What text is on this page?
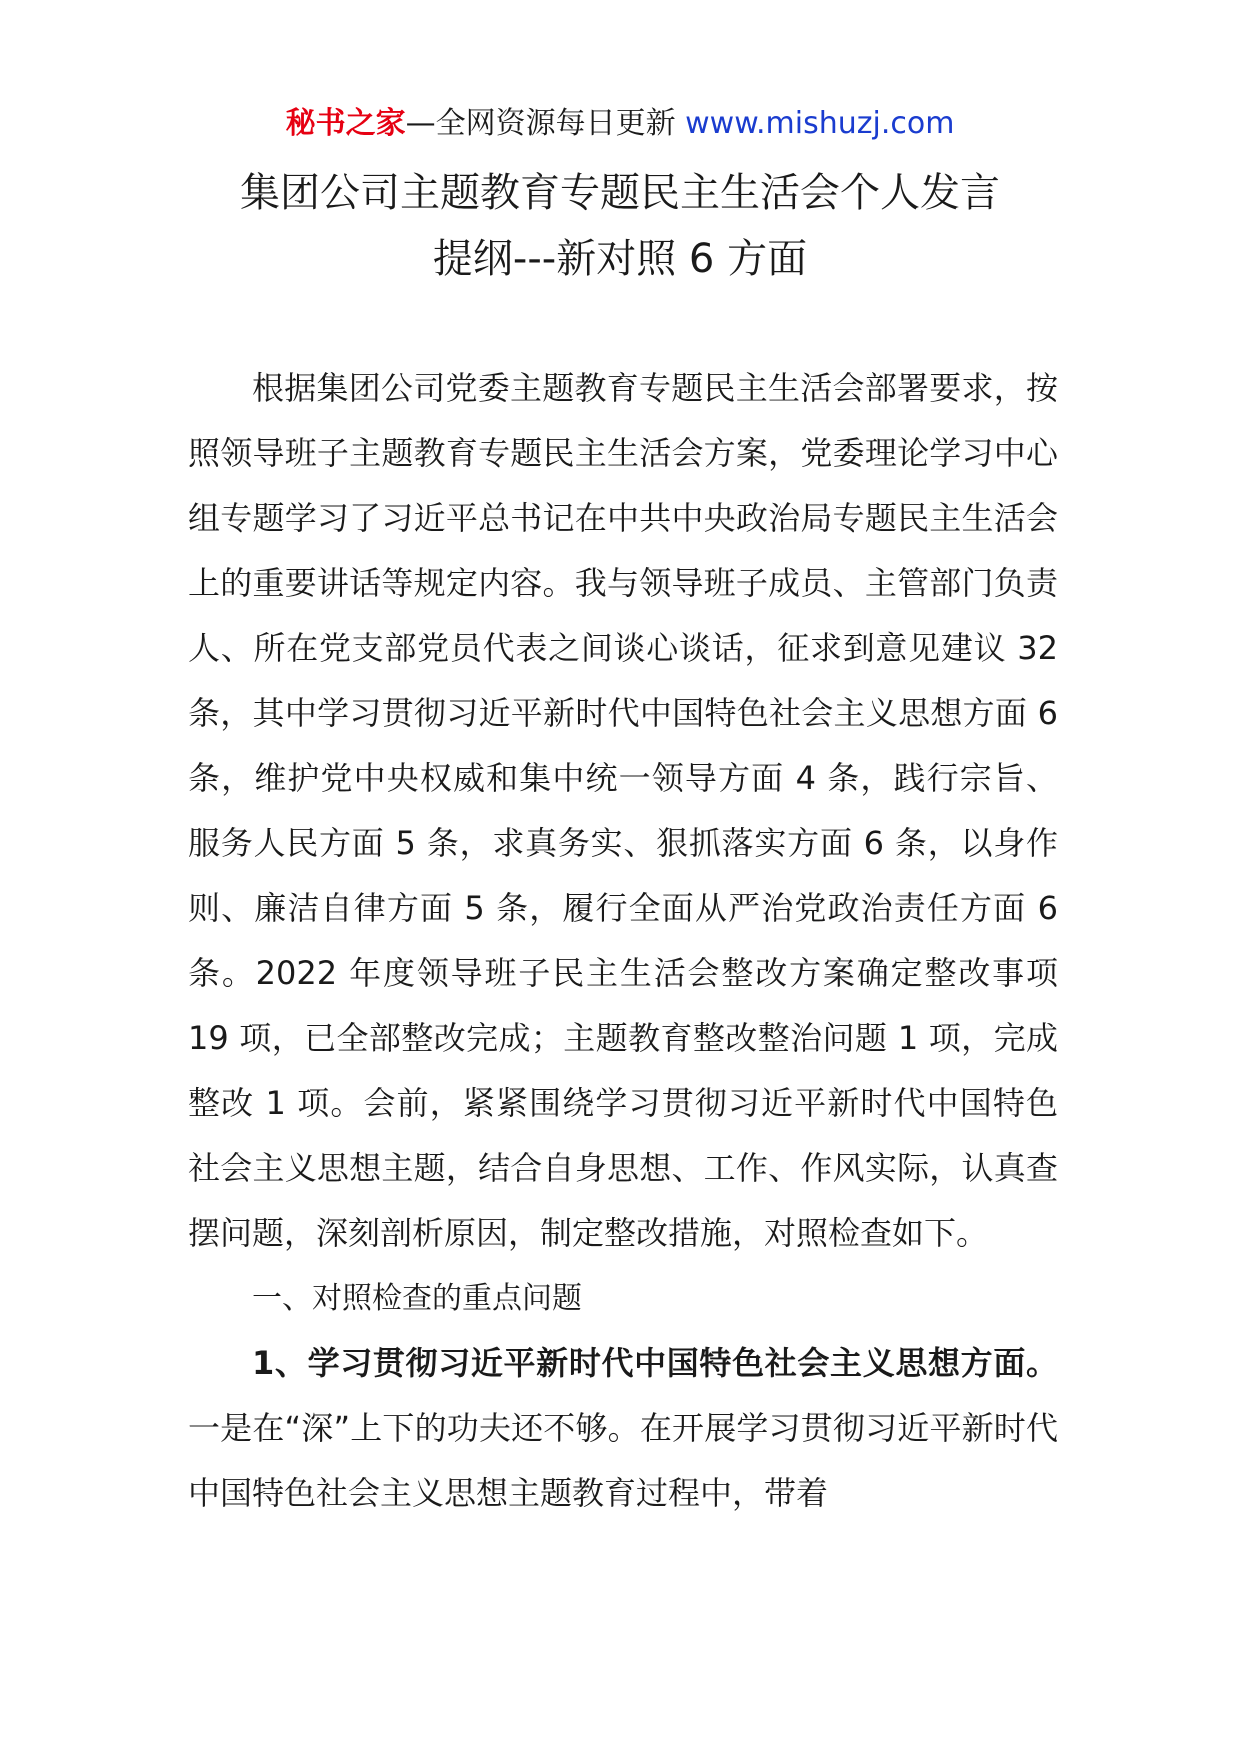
秘书之家—全网资源每日更新 www.mishuzj.com
集团公司主题教育专题民主生活会个人发言
提纲---新对照 6 方面

根据集团公司党委主题教育专题民主生活会部署要求，按照领导班子主题教育专题民主生活会方案，党委理论学习中心组专题学习了习近平总书记在中共中央政治局专题民主生活会上的重要讲话等规定内容。我与领导班子成员、主管部门负责人、所在党支部党员代表之间谈心谈话，征求到意见建议 32 条，其中学习贯彻习近平新时代中国特色社会主义思想方面 6 条，维护党中央权威和集中统一领导方面 4 条，践行宗旨、服务人民方面 5 条，求真务实、狠抓落实方面 6 条，以身作则、廉洁自律方面 5 条，履行全面从严治党政治责任方面 6 条。2022 年度领导班子民主生活会整改方案确定整改事项 19 项，已全部整改完成；主题教育整改整治问题 1 项，完成整改 1 项。会前，紧紧围绕学习贯彻习近平新时代中国特色社会主义思想主题，结合自身思想、工作、作风实际，认真查摆问题，深刻剖析原因，制定整改措施，对照检查如下。

一、对照检查的重点问题

1、学习贯彻习近平新时代中国特色社会主义思想方面。一是在“深”上下的功夫还不够。在开展学习贯彻习近平新时代中国特色社会主义思想主题教育过程中，带着
